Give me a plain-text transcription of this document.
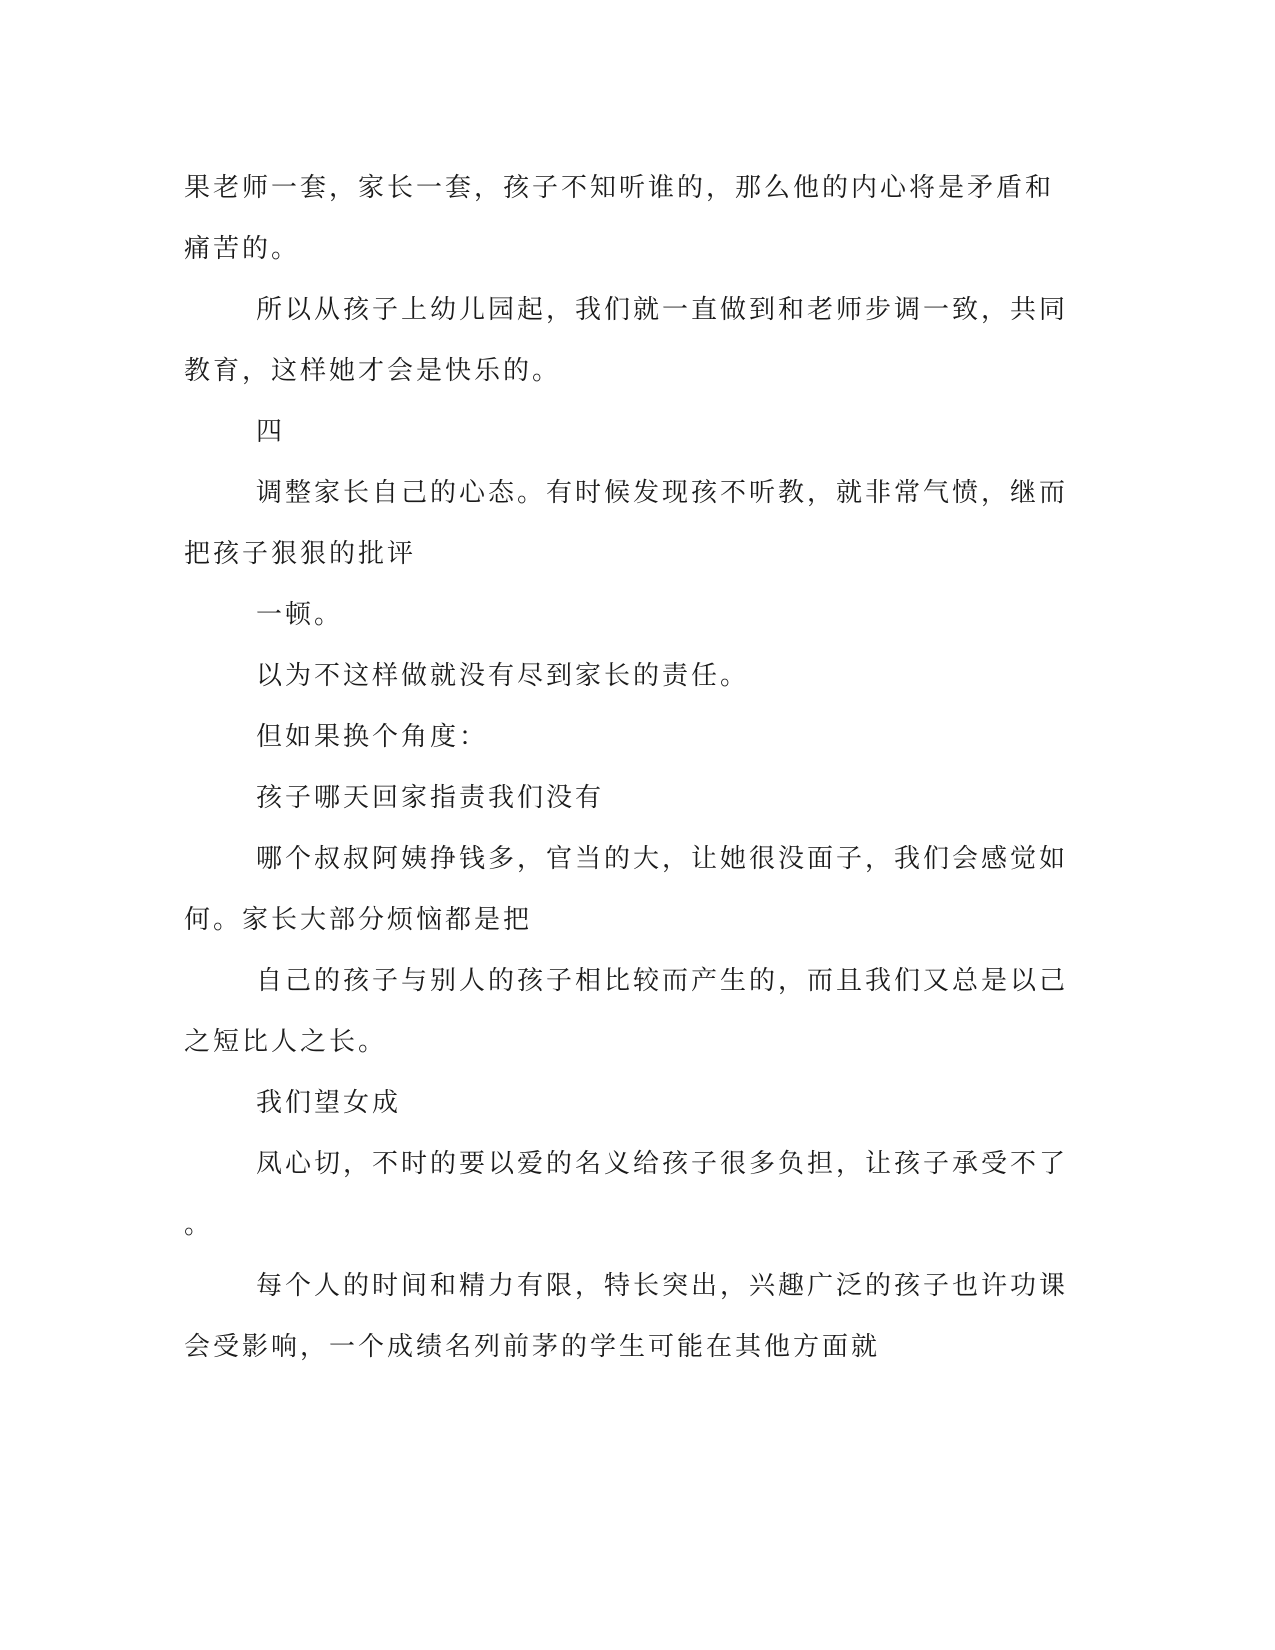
果老师一套，家长一套，孩子不知听谁的，那么他的内心将是矛盾和

痛苦的。

所以从孩子上幼儿园起，我们就一直做到和老师步调一致，共同

教育，这样她才会是快乐的。

四

调整家长自己的心态。有时候发现孩不听教，就非常气愤，继而

把孩子狠狠的批评

一顿。

以为不这样做就没有尽到家长的责任。

但如果换个角度：

孩子哪天回家指责我们没有

哪个叔叔阿姨挣钱多，官当的大，让她很没面子，我们会感觉如

何。家长大部分烦恼都是把

自己的孩子与别人的孩子相比较而产生的，而且我们又总是以己

之短比人之长。

我们望女成

凤心切，不时的要以爱的名义给孩子很多负担，让孩子承受不了

。

每个人的时间和精力有限，特长突出，兴趣广泛的孩子也许功课

会受影响，一个成绩名列前茅的学生可能在其他方面就
